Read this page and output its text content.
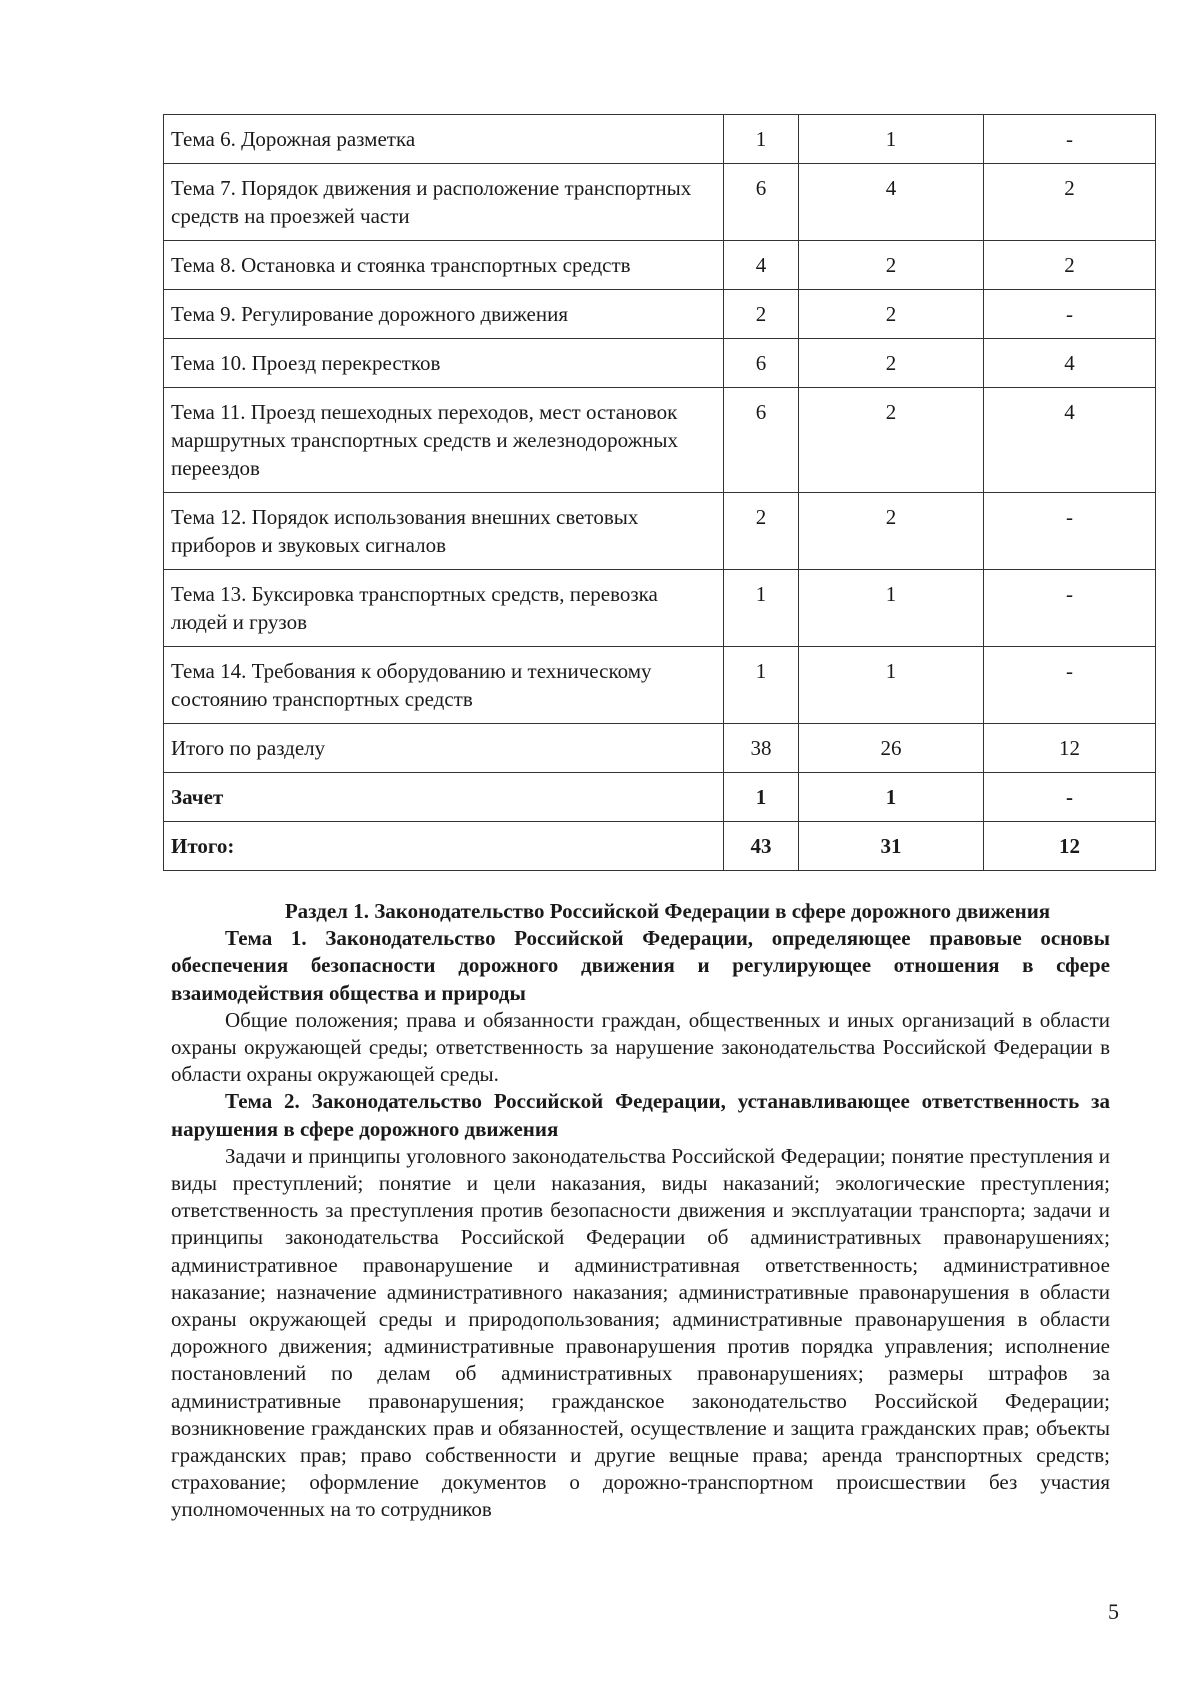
Тема 6. Дорожная разметка	1	1	-
Тема 7. Порядок движения и расположение транспортных средств на проезжей части	6	4	2
Тема 8. Остановка и стоянка транспортных средств	4	2	2
Тема 9. Регулирование дорожного движения	2	2	-
Тема 10. Проезд перекрестков	6	2	4
Тема 11. Проезд пешеходных переходов, мест остановок маршрутных транспортных средств и железнодорожных переездов	6	2	4
Тема 12. Порядок использования внешних световых приборов и звуковых сигналов	2	2	-
Тема 13. Буксировка транспортных средств, перевозка людей и грузов	1	1	-
Тема 14. Требования к оборудованию и техническому состоянию транспортных средств	1	1	-
Итого по разделу	38	26	12
Зачет	1	1	-
Итого:	43	31	12

Раздел 1. Законодательство Российской Федерации в сфере дорожного движения

Тема 1. Законодательство Российской Федерации, определяющее правовые основы обеспечения безопасности дорожного движения и регулирующее отношения в сфере взаимодействия общества и природы

Общие положения; права и обязанности граждан, общественных и иных организаций в области охраны окружающей среды; ответственность за нарушение законодательства Российской Федерации в области охраны окружающей среды.

Тема 2. Законодательство Российской Федерации, устанавливающее ответственность за нарушения в сфере дорожного движения

Задачи и принципы уголовного законодательства Российской Федерации; понятие преступления и виды преступлений; понятие и цели наказания, виды наказаний; экологические преступления; ответственность за преступления против безопасности движения и эксплуатации транспорта; задачи и принципы законодательства Российской Федерации об административных правонарушениях; административное правонарушение и административная ответственность; административное наказание; назначение административного наказания; административные правонарушения в области охраны окружающей среды и природопользования; административные правонарушения в области дорожного движения; административные правонарушения против порядка управления; исполнение постановлений по делам об административных правонарушениях; размеры штрафов за административные правонарушения; гражданское законодательство Российской Федерации; возникновение гражданских прав и обязанностей, осуществление и защита гражданских прав; объекты гражданских прав; право собственности и другие вещные права; аренда транспортных средств; страхование; оформление документов о дорожно-транспортном происшествии без участия уполномоченных на то сотрудников

5
